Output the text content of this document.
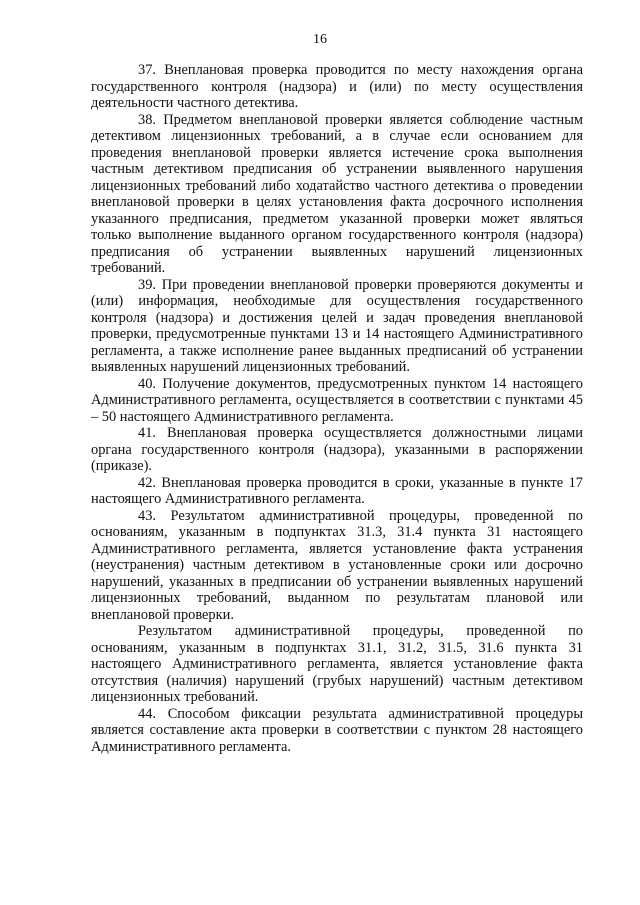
16

37. Внеплановая проверка проводится по месту нахождения органа государственного контроля (надзора) и (или) по месту осуществления деятельности частного детектива.

38. Предметом внеплановой проверки является соблюдение частным детективом лицензионных требований, а в случае если основанием для проведения внеплановой проверки является истечение срока выполнения частным детективом предписания об устранении выявленного нарушения лицензионных требований либо ходатайство частного детектива о проведении внеплановой проверки в целях установления факта досрочного исполнения указанного предписания, предметом указанной проверки может являться только выполнение выданного органом государственного контроля (надзора) предписания об устранении выявленных нарушений лицензионных требований.

39. При проведении внеплановой проверки проверяются документы и (или) информация, необходимые для осуществления государственного контроля (надзора) и достижения целей и задач проведения внеплановой проверки, предусмотренные пунктами 13 и 14 настоящего Административного регламента, а также исполнение ранее выданных предписаний об устранении выявленных нарушений лицензионных требований.

40. Получение документов, предусмотренных пунктом 14 настоящего Административного регламента, осуществляется в соответствии с пунктами 45 – 50 настоящего Административного регламента.

41. Внеплановая проверка осуществляется должностными лицами органа государственного контроля (надзора), указанными в распоряжении (приказе).

42. Внеплановая проверка проводится в сроки, указанные в пункте 17 настоящего Административного регламента.

43. Результатом административной процедуры, проведенной по основаниям, указанным в подпунктах 31.3, 31.4 пункта 31 настоящего Административного регламента, является установление факта устранения (неустранения) частным детективом в установленные сроки или досрочно нарушений, указанных в предписании об устранении выявленных нарушений лицензионных требований, выданном по результатам плановой или внеплановой проверки.

Результатом административной процедуры, проведенной по основаниям, указанным в подпунктах 31.1, 31.2, 31.5, 31.6 пункта 31 настоящего Административного регламента, является установление факта отсутствия (наличия) нарушений (грубых нарушений) частным детективом лицензионных требований.

44. Способом фиксации результата административной процедуры является составление акта проверки в соответствии с пунктом 28 настоящего Административного регламента.
